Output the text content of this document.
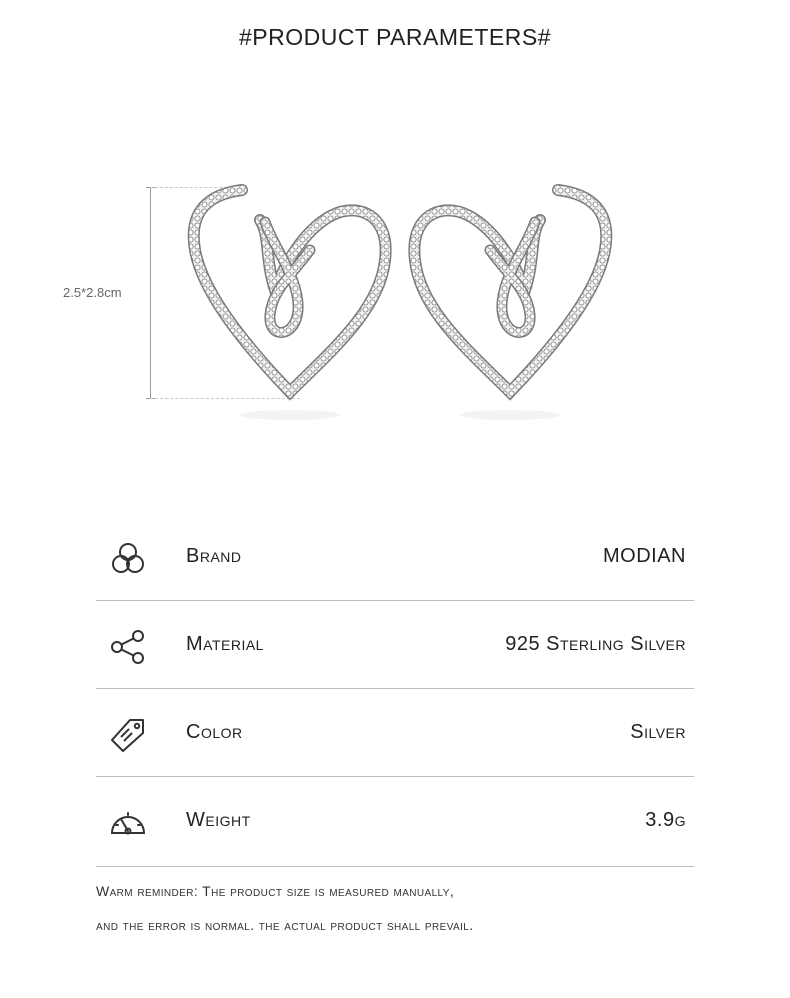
#PRODUCT PARAMETERS#
2.5*2.8cm
Brand	MODIAN
Material	925 Sterling Silver
Color	Silver
Weight	3.9g
Warm reminder: The product size is measured manually,
and the error is normal. the actual product shall prevail.
